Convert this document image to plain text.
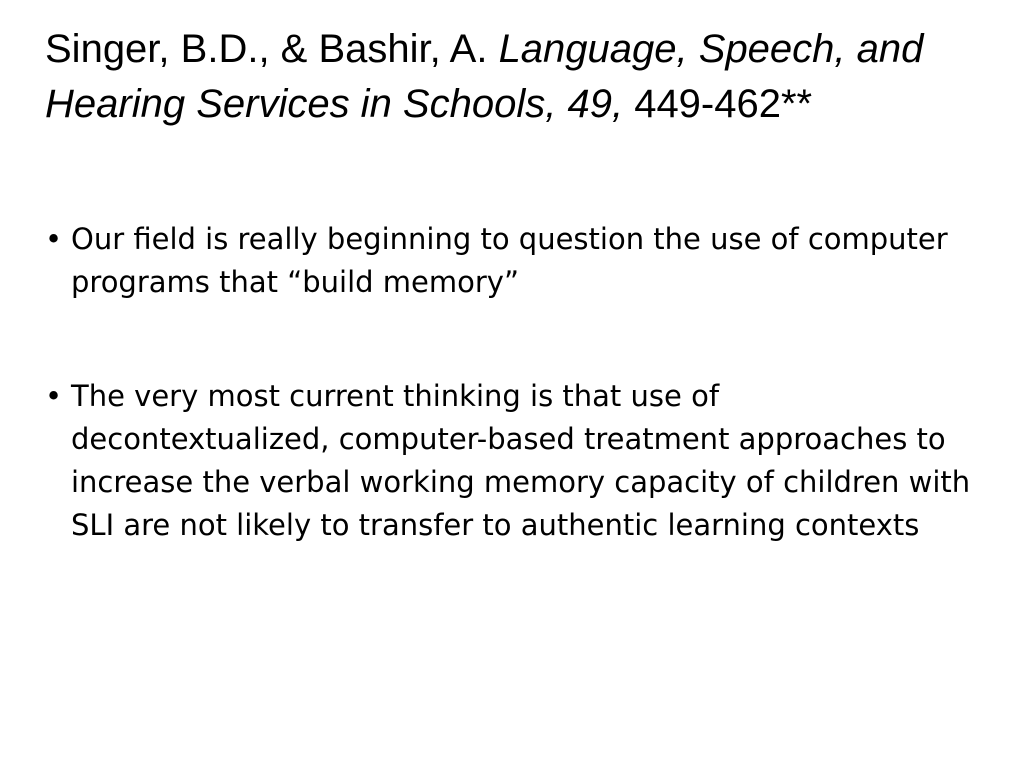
Singer, B.D., & Bashir, A. Language, Speech, and Hearing Services in Schools, 49, 449-462**
• Our field is really beginning to question the use of computer programs that “build memory”
• The very most current thinking is that use of decontextualized, computer-based treatment approaches to increase the verbal working memory capacity of children with SLI are not likely to transfer to authentic learning contexts
